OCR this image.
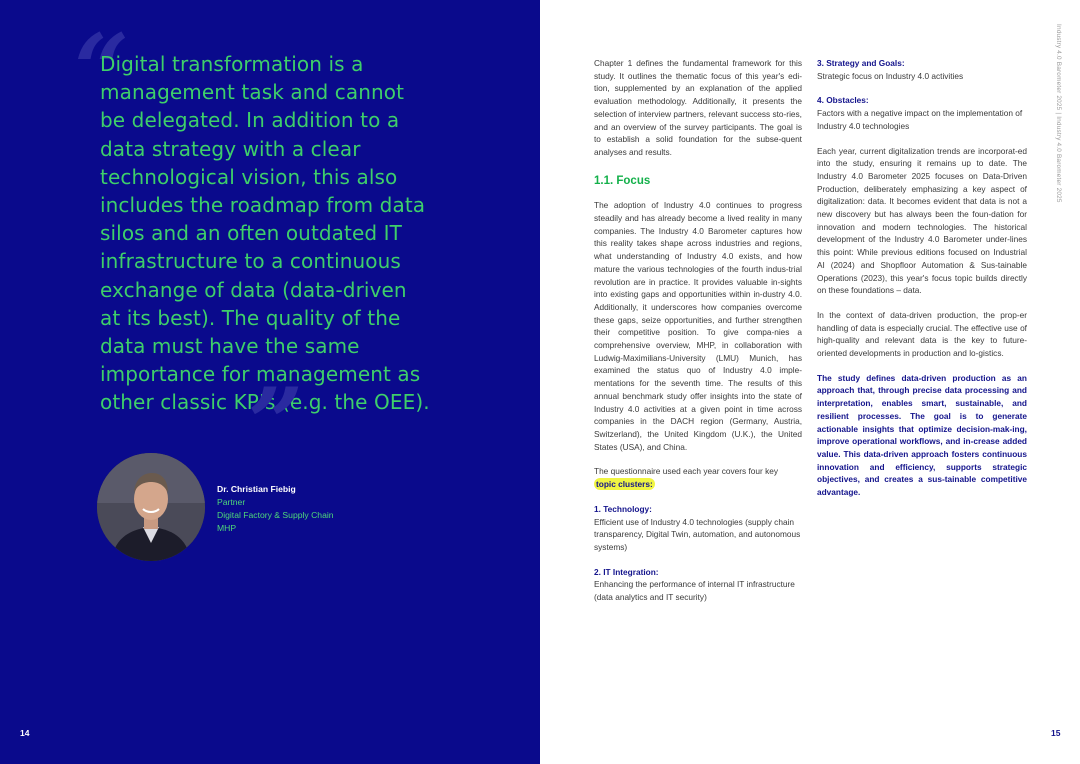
“
Digital transformation is a management task and cannot be delegated. In addition to a data strategy with a clear technological vision, this also includes the roadmap from data silos and an often outdated IT infrastructure to a continuous exchange of data (data-driven at its best). The quality of the data must have the same importance for management as other classic KPIs (e.g. the OEE).
”
Dr. Christian Fiebig
Partner
Digital Factory & Supply Chain
MHP
14

Chapter 1 defines the fundamental framework for this study. It outlines the thematic focus of this year's edi-tion, supplemented by an explanation of the applied evaluation methodology. Additionally, it presents the selection of interview partners, relevant success sto-ries, and an overview of the survey participants. The goal is to establish a solid foundation for the subse-quent analyses and results.

1.1. Focus

The adoption of Industry 4.0 continues to progress steadily and has already become a lived reality in many companies. The Industry 4.0 Barometer captures how this reality takes shape across industries and regions, what understanding of Industry 4.0 exists, and how mature the various technologies of the fourth indus-trial revolution are in practice. It provides valuable in-sights into existing gaps and opportunities within in-dustry 4.0. Additionally, it underscores how companies overcome these gaps, seize opportunities, and further strengthen their competitive position. To give compa-nies a comprehensive overview, MHP, in collaboration with Ludwig-Maximilians-University (LMU) Munich, has examined the status quo of Industry 4.0 imple-mentations for the seventh time. The results of this annual benchmark study offer insights into the state of Industry 4.0 activities at a given point in time across companies in the DACH region (Germany, Austria, Switzerland), the United Kingdom (U.K.), the United States (USA), and China.

The questionnaire used each year covers four key
topic clusters:

1. Technology:
Efficient use of Industry 4.0 technologies (supply chain transparency, Digital Twin, automation, and autonomous systems)
2. IT Integration:
Enhancing the performance of internal IT infrastructure (data analytics and IT security)
3. Strategy and Goals:
Strategic focus on Industry 4.0 activities
4. Obstacles:
Factors with a negative impact on the implementation of Industry 4.0 technologies

Each year, current digitalization trends are incorporat-ed into the study, ensuring it remains up to date. The Industry 4.0 Barometer 2025 focuses on Data-Driven Production, deliberately emphasizing a key aspect of digitalization: data. It becomes evident that data is not a new discovery but has always been the foun-dation for innovation and modern technologies. The historical development of the Industry 4.0 Barometer under-lines this point: While previous editions focused on Industrial AI (2024) and Shopfloor Automation & Sus-tainable Operations (2023), this year's focus topic builds directly on these foundations – data.

In the context of data-driven production, the prop-er handling of data is especially crucial. The effective use of high-quality and relevant data is the key to future-oriented developments in production and lo-gistics.

The study defines data-driven production as an approach that, through precise data processing and interpretation, enables smart, sustainable, and resilient processes. The goal is to generate actionable insights that optimize decision-mak-ing, improve operational workflows, and in-crease added value. This data-driven approach fosters continuous innovation and efficiency, supports strategic objectives, and creates a sus-tainable competitive advantage.

Industry 4.0 Barometer 2025 | Industry 4.0 Barometer 2025
15
